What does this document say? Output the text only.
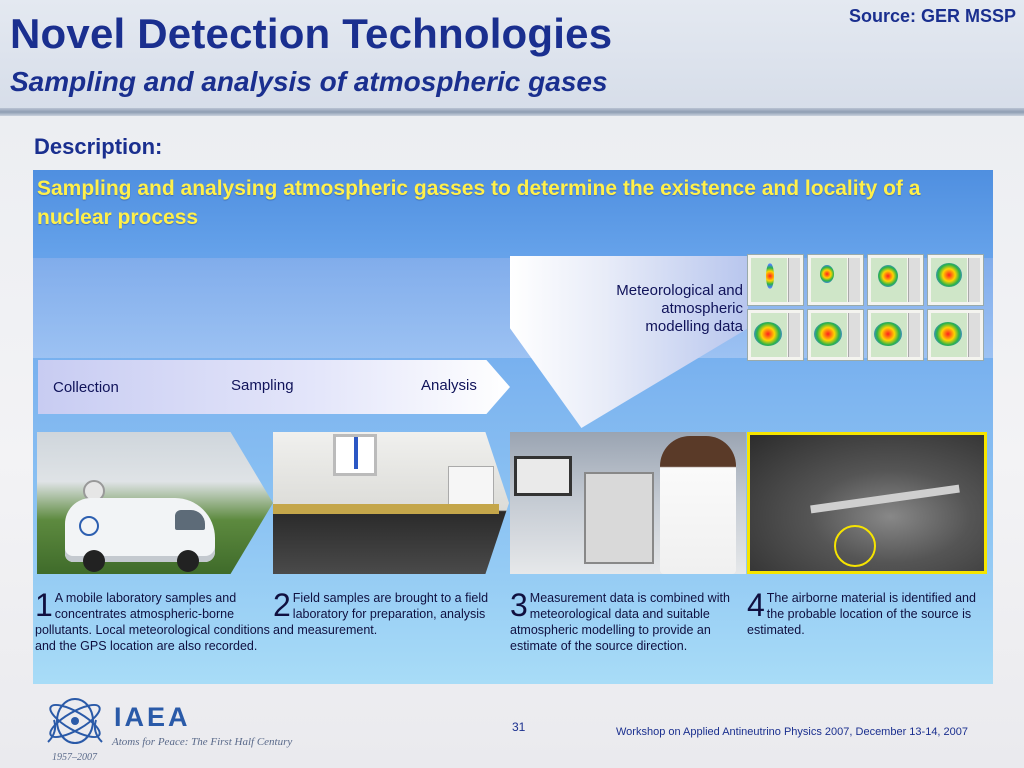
Novel Detection Technologies
Sampling and analysis of atmospheric gases
Source: GER MSSP
Description:
Sampling and analysing atmospheric gasses to determine the existence and locality of a nuclear process
Meteorological and atmospheric modelling data
Collection	Sampling	Analysis
1 A mobile laboratory samples and concentrates atmospheric-borne pollutants. Local meteorological conditions and the GPS location are also recorded.
2 Field samples are brought to a field laboratory for preparation, analysis and measurement.
3 Measurement data is combined with meteorological data and suitable atmospheric modelling to provide an estimate of the source direction.
4 The airborne material is identified and the probable location of the source is estimated.
IAEA
Atoms for Peace: The First Half Century
1957–2007
31	Workshop on Applied Antineutrino Physics 2007, December 13-14, 2007
